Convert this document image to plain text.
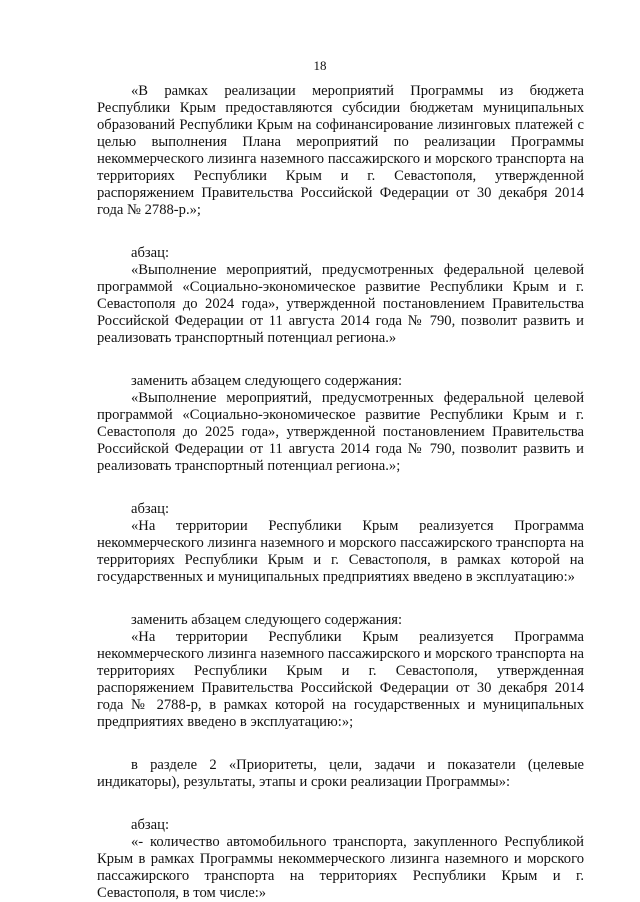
18

«В рамках реализации мероприятий Программы из бюджета Республики Крым предоставляются субсидии бюджетам муниципальных образований Республики Крым на софинансирование лизинговых платежей с целью выполнения Плана мероприятий по реализации Программы некоммерческого лизинга наземного пассажирского и морского транспорта на территориях Республики Крым и г. Севастополя, утвержденной распоряжением Правительства Российской Федерации от 30 декабря 2014 года № 2788-р.»;

абзац:

«Выполнение мероприятий, предусмотренных федеральной целевой программой «Социально-экономическое развитие Республики Крым и г. Севастополя до 2024 года», утвержденной постановлением Правительства Российской Федерации от 11 августа 2014 года № 790, позволит развить и реализовать транспортный потенциал региона.»

заменить абзацем следующего содержания:

«Выполнение мероприятий, предусмотренных федеральной целевой программой «Социально-экономическое развитие Республики Крым и г. Севастополя до 2025 года», утвержденной постановлением Правительства Российской Федерации от 11 августа 2014 года № 790, позволит развить и реализовать транспортный потенциал региона.»;

абзац:

«На территории Республики Крым реализуется Программа некоммерческого лизинга наземного и морского пассажирского транспорта на территориях Республики Крым и г. Севастополя, в рамках которой на государственных и муниципальных предприятиях введено в эксплуатацию:»

заменить абзацем следующего содержания:

«На территории Республики Крым реализуется Программа некоммерческого лизинга наземного пассажирского и морского транспорта на территориях Республики Крым и г. Севастополя, утвержденная распоряжением Правительства Российской Федерации от 30 декабря 2014 года № 2788-р, в рамках которой на государственных и муниципальных предприятиях введено в эксплуатацию:»;

в разделе 2 «Приоритеты, цели, задачи и показатели (целевые индикаторы), результаты, этапы и сроки реализации Программы»:

абзац:

«- количество автомобильного транспорта, закупленного Республикой Крым в рамках Программы некоммерческого лизинга наземного и морского пассажирского транспорта на территориях Республики Крым и г. Севастополя, в том числе:»
